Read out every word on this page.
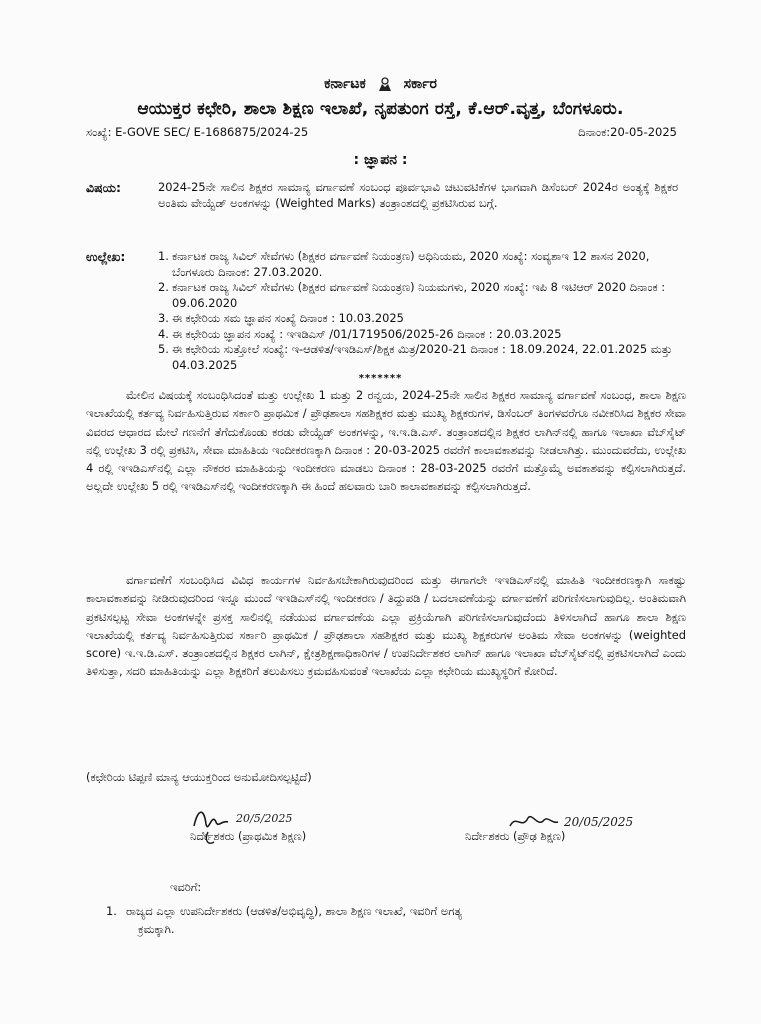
ಕರ್ನಾಟಕ	ಸರ್ಕಾರ
ಆಯುಕ್ತರ ಕಛೇರಿ, ಶಾಲಾ ಶಿಕ್ಷಣ ಇಲಾಖೆ, ನೃಪತುಂಗ ರಸ್ತೆ, ಕೆ.ಆರ್.ವೃತ್ತ, ಬೆಂಗಳೂರು.
ಸಂಖ್ಯೆ: E-GOVE SEC/ E-1686875/2024-25	ದಿನಾಂಕ:20-05-2025
: ಜ್ಞಾಪನ :
ವಿಷಯ:	2024-25ನೇ ಸಾಲಿನ ಶಿಕ್ಷಕರ ಸಾಮಾನ್ಯ ವರ್ಗಾವಣೆ ಸಂಬಂಧ ಪೂರ್ವಭಾವಿ ಚಟುವಟಿಕೆಗಳ ಭಾಗವಾಗಿ ಡಿಸೆಂಬರ್ 2024ರ ಅಂತ್ಯಕ್ಕೆ ಶಿಕ್ಷಕರ ಅಂತಿಮ ವೇಯ್ಟೆಡ್ ಅಂಕಗಳನ್ನು (Weighted Marks) ತಂತ್ರಾಂಶದಲ್ಲಿ ಪ್ರಕಟಿಸಿರುವ ಬಗ್ಗೆ.
ಉಲ್ಲೇಖ:	1. ಕರ್ನಾಟಕ ರಾಜ್ಯ ಸಿವಿಲ್ ಸೇವೆಗಳು (ಶಿಕ್ಷಕರ ವರ್ಗಾವಣೆ ನಿಯಂತ್ರಣ) ಅಧಿನಿಯಮ, 2020 ಸಂಖ್ಯೆ: ಸಂವ್ಯಶಾಇ 12 ಶಾಸನ 2020, ಬೆಂಗಳೂರು ದಿನಾಂಕ: 27.03.2020.
2. ಕರ್ನಾಟಕ ರಾಜ್ಯ ಸಿವಿಲ್ ಸೇವೆಗಳು (ಶಿಕ್ಷಕರ ವರ್ಗಾವಣೆ ನಿಯಂತ್ರಣ) ನಿಯಮಗಳು, 2020 ಸಂಖ್ಯೆ: ಇಪಿ 8 ಇಟಿಆರ್ 2020 ದಿನಾಂಕ : 09.06.2020
3. ಈ ಕಛೇರಿಯ ಸಮ ಜ್ಞಾಪನ ಸಂಖ್ಯೆ ದಿನಾಂಕ : 10.03.2025
4. ಈ ಕಛೇರಿಯ ಜ್ಞಾಪನ ಸಂಖ್ಯೆ : ಇಇಡಿಎಸ್ /01/1719506/2025-26 ದಿನಾಂಕ : 20.03.2025
5. ಈ ಕಛೇರಿಯ ಸುತ್ತೋಲೆ ಸಂಖ್ಯೆ: ಇ-ಆಡಳಿತ/ಇಇಡಿಎಸ್/ಶಿಕ್ಷಕ ಮಿತ್ರ/2020-21 ದಿನಾಂಕ : 18.09.2024, 22.01.2025 ಮತ್ತು 04.03.2025
*******
ಮೇಲಿನ ವಿಷಯಕ್ಕೆ ಸಂಬಂಧಿಸಿದಂತೆ ಮತ್ತು ಉಲ್ಲೇಖ 1 ಮತ್ತು 2 ರನ್ವಯ, 2024-25ನೇ ಸಾಲಿನ ಶಿಕ್ಷಕರ ಸಾಮಾನ್ಯ ವರ್ಗಾವಣೆ ಸಂಬಂಧ, ಶಾಲಾ ಶಿಕ್ಷಣ ಇಲಾಖೆಯಲ್ಲಿ ಕರ್ತವ್ಯ ನಿರ್ವಹಿಸುತ್ತಿರುವ ಸರ್ಕಾರಿ ಪ್ರಾಥಮಿಕ / ಪ್ರೌಢಶಾಲಾ ಸಹಶಿಕ್ಷಕರ ಮತ್ತು ಮುಖ್ಯ ಶಿಕ್ಷಕರುಗಳ, ಡಿಸೆಂಬರ್ ತಿಂಗಳವರೆಗೂ ನವೀಕರಿಸಿದ ಶಿಕ್ಷಕರ ಸೇವಾ ವಿವರದ ಆಧಾರದ ಮೇಲೆ ಗಣನೆಗೆ ತೆಗೆದುಕೊಂಡು ಕರಡು ವೇಯ್ಟೆಡ್ ಅಂಕಗಳನ್ನು, ಇ.ಇ.ಡಿ.ಎಸ್. ತಂತ್ರಾಂಶದಲ್ಲಿನ ಶಿಕ್ಷಕರ ಲಾಗಿನ್‌ನಲ್ಲಿ ಹಾಗೂ ಇಲಾಖಾ ವೆಬ್‌ಸೈಟ್ ನಲ್ಲಿ ಉಲ್ಲೇಖ 3 ರಲ್ಲಿ ಪ್ರಕಟಿಸಿ, ಸೇವಾ ಮಾಹಿತಿಯ ಇಂದೀಕರಣಕ್ಕಾಗಿ ದಿನಾಂಕ : 20-03-2025 ರವರೆಗೆ ಕಾಲಾವಕಾಶವನ್ನು ನೀಡಲಾಗಿತ್ತು. ಮುಂದುವರೆದು, ಉಲ್ಲೇಖ 4 ರಲ್ಲಿ ಇಇಡಿಎಸ್‌ನಲ್ಲಿ ಎಲ್ಲಾ ನೌಕರರ ಮಾಹಿತಿಯನ್ನು ಇಂದೀಕರಣ ಮಾಡಲು ದಿನಾಂಕ : 28-03-2025 ರವರೆಗೆ ಮತ್ತೊಮ್ಮೆ ಅವಕಾಶವನ್ನು ಕಲ್ಪಿಸಲಾಗಿರುತ್ತದೆ. ಅಲ್ಲದೇ ಉಲ್ಲೇಖ 5 ರಲ್ಲಿ ಇಇಡಿಎಸ್‌ನಲ್ಲಿ ಇಂದೀಕರಣಕ್ಕಾಗಿ ಈ ಹಿಂದೆ ಹಲವಾರು ಬಾರಿ ಕಾಲಾವಕಾಶವನ್ನು ಕಲ್ಪಿಸಲಾಗಿರುತ್ತದೆ.
ವರ್ಗಾವಣೆಗೆ ಸಂಬಂಧಿಸಿದ ವಿವಿಧ ಕಾರ್ಯಗಳ ನಿರ್ವಹಿಸಬೇಕಾಗಿರುವುದರಿಂದ ಮತ್ತು ಈಗಾಗಲೇ ಇಇಡಿಎಸ್‌ನಲ್ಲಿ ಮಾಹಿತಿ ಇಂದೀಕರಣಕ್ಕಾಗಿ ಸಾಕಷ್ಟು ಕಾಲಾವಕಾಶವನ್ನು ನೀಡಿರುವುದರಿಂದ ಇನ್ನೂ ಮುಂದೆ ಇಇಡಿಎಸ್‌ನಲ್ಲಿ ಇಂದೀಕರಣ / ತಿದ್ದುಪಡಿ / ಬದಲಾವಣೆಯನ್ನು ವರ್ಗಾವಣೆಗೆ ಪರಿಗಣಿಸಲಾಗುವುದಿಲ್ಲ. ಅಂತಿಮವಾಗಿ ಪ್ರಕಟಿಸಲ್ಪಟ್ಟ ಸೇವಾ ಅಂಕಗಳನ್ನೇ ಪ್ರಸಕ್ತ ಸಾಲಿನಲ್ಲಿ ನಡೆಯುವ ವರ್ಗಾವಣೆಯ ಎಲ್ಲಾ ಪ್ರಕ್ರಿಯೆಗಾಗಿ ಪರಿಗಣಿಸಲಾಗುವುದೆಂದು ತಿಳಿಸಲಾಗಿದೆ ಹಾಗೂ ಶಾಲಾ ಶಿಕ್ಷಣ ಇಲಾಖೆಯಲ್ಲಿ ಕರ್ತವ್ಯ ನಿರ್ವಹಿಸುತ್ತಿರುವ ಸರ್ಕಾರಿ ಪ್ರಾಥಮಿಕ / ಪ್ರೌಢಶಾಲಾ ಸಹಶಿಕ್ಷಕರ ಮತ್ತು ಮುಖ್ಯ ಶಿಕ್ಷಕರುಗಳ ಅಂತಿಮ ಸೇವಾ ಅಂಕಗಳನ್ನು (weighted score) ಇ.ಇ.ಡಿ.ಎಸ್. ತಂತ್ರಾಂಶದಲ್ಲಿನ ಶಿಕ್ಷಕರ ಲಾಗಿನ್, ಕ್ಷೇತ್ರಶಿಕ್ಷಣಾಧಿಕಾರಿಗಳ / ಉಪನಿರ್ದೇಶಕರ ಲಾಗಿನ್ ಹಾಗೂ ಇಲಾಖಾ ವೆಬ್‌ಸೈಟ್‌ನಲ್ಲಿ ಪ್ರಕಟಿಸಲಾಗಿದೆ ಎಂದು ತಿಳಿಸುತ್ತಾ, ಸದರಿ ಮಾಹಿತಿಯನ್ನು ಎಲ್ಲಾ ಶಿಕ್ಷಕರಿಗೆ ತಲುಪಿಸಲು ಕ್ರಮವಹಿಸುವಂತೆ ಇಲಾಖೆಯ ಎಲ್ಲಾ ಕಛೇರಿಯ ಮುಖ್ಯಸ್ಥರಿಗೆ ಕೋರಿದೆ.
(ಕಛೇರಿಯ ಟಿಪ್ಪಣಿ ಮಾನ್ಯ ಆಯುಕ್ತರಿಂದ ಅನುಮೋದಿಸಲ್ಪಟ್ಟಿದೆ)
20/5/2025	20/05/2025
ನಿರ್ದೇಶಕರು (ಪ್ರಾಥಮಿಕ ಶಿಕ್ಷಣ)	ನಿರ್ದೇಶಕರು (ಪ್ರೌಢ ಶಿಕ್ಷಣ)
ಇವರಿಗೆ:
1. ರಾಜ್ಯದ ಎಲ್ಲಾ ಉಪನಿರ್ದೇಶಕರು (ಆಡಳಿತ/ಅಭಿವೃದ್ಧಿ), ಶಾಲಾ ಶಿಕ್ಷಣ ಇಲಾಖೆ, ಇವರಿಗೆ ಅಗತ್ಯ
ಕ್ರಮಕ್ಕಾಗಿ.
